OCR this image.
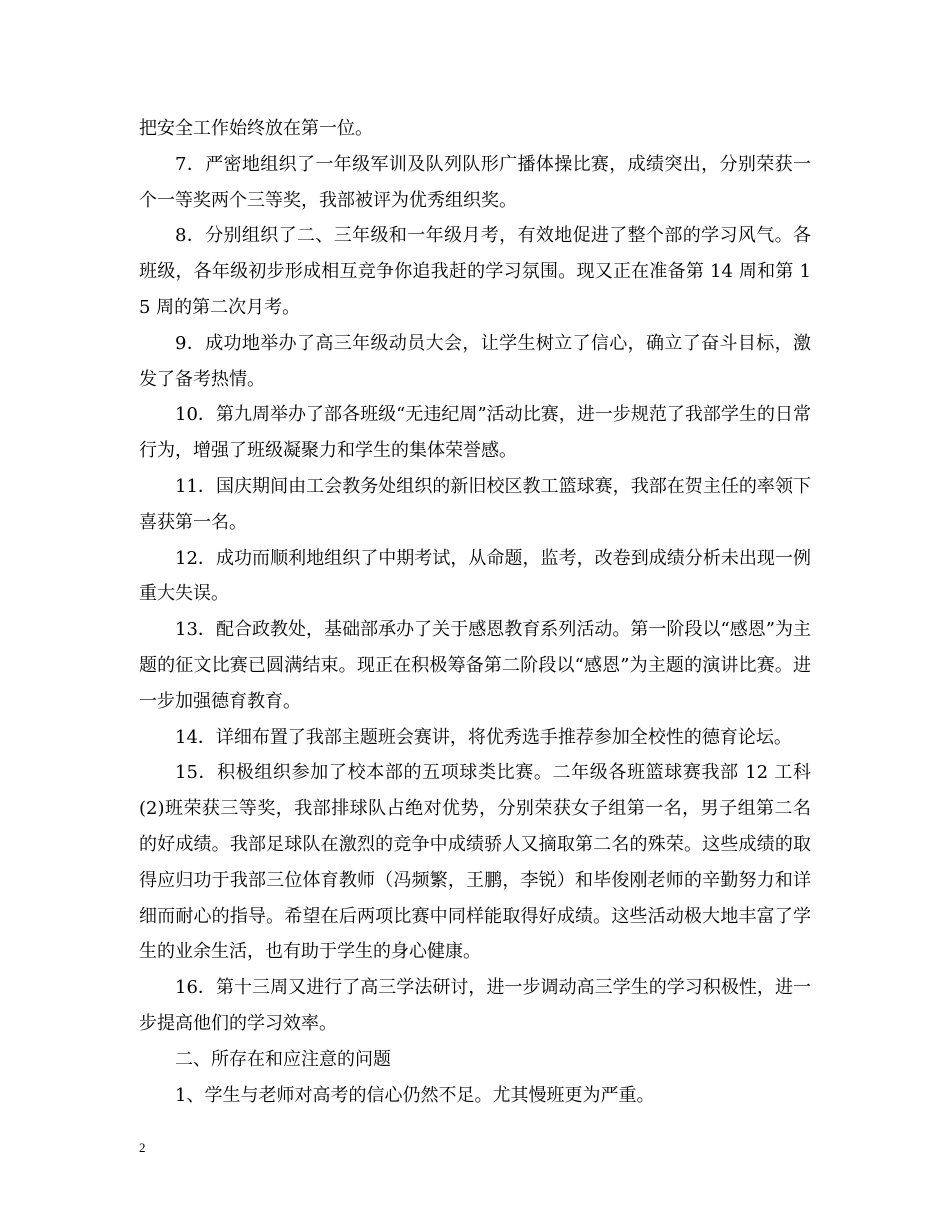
把安全工作始终放在第一位。

7．严密地组织了一年级军训及队列队形广播体操比赛，成绩突出，分别荣获一个一等奖两个三等奖，我部被评为优秀组织奖。

8．分别组织了二、三年级和一年级月考，有效地促进了整个部的学习风气。各班级，各年级初步形成相互竞争你追我赶的学习氛围。现又正在准备第 14 周和第 15 周的第二次月考。

9．成功地举办了高三年级动员大会，让学生树立了信心，确立了奋斗目标，激发了备考热情。

10．第九周举办了部各班级“无违纪周”活动比赛，进一步规范了我部学生的日常行为，增强了班级凝聚力和学生的集体荣誉感。

11．国庆期间由工会教务处组织的新旧校区教工篮球赛，我部在贺主任的率领下喜获第一名。

12．成功而顺利地组织了中期考试，从命题，监考，改卷到成绩分析未出现一例重大失误。

13．配合政教处，基础部承办了关于感恩教育系列活动。第一阶段以“感恩”为主题的征文比赛已圆满结束。现正在积极筹备第二阶段以“感恩”为主题的演讲比赛。进一步加强德育教育。

14．详细布置了我部主题班会赛讲，将优秀选手推荐参加全校性的德育论坛。

15．积极组织参加了校本部的五项球类比赛。二年级各班篮球赛我部 12 工科(2)班荣获三等奖，我部排球队占绝对优势，分别荣获女子组第一名，男子组第二名的好成绩。我部足球队在激烈的竞争中成绩骄人又摘取第二名的殊荣。这些成绩的取得应归功于我部三位体育教师（冯频繁，王鹏，李锐）和毕俊刚老师的辛勤努力和详细而耐心的指导。希望在后两项比赛中同样能取得好成绩。这些活动极大地丰富了学生的业余生活，也有助于学生的身心健康。

16．第十三周又进行了高三学法研讨，进一步调动高三学生的学习积极性，进一步提高他们的学习效率。

二、所存在和应注意的问题

1、学生与老师对高考的信心仍然不足。尤其慢班更为严重。

2
